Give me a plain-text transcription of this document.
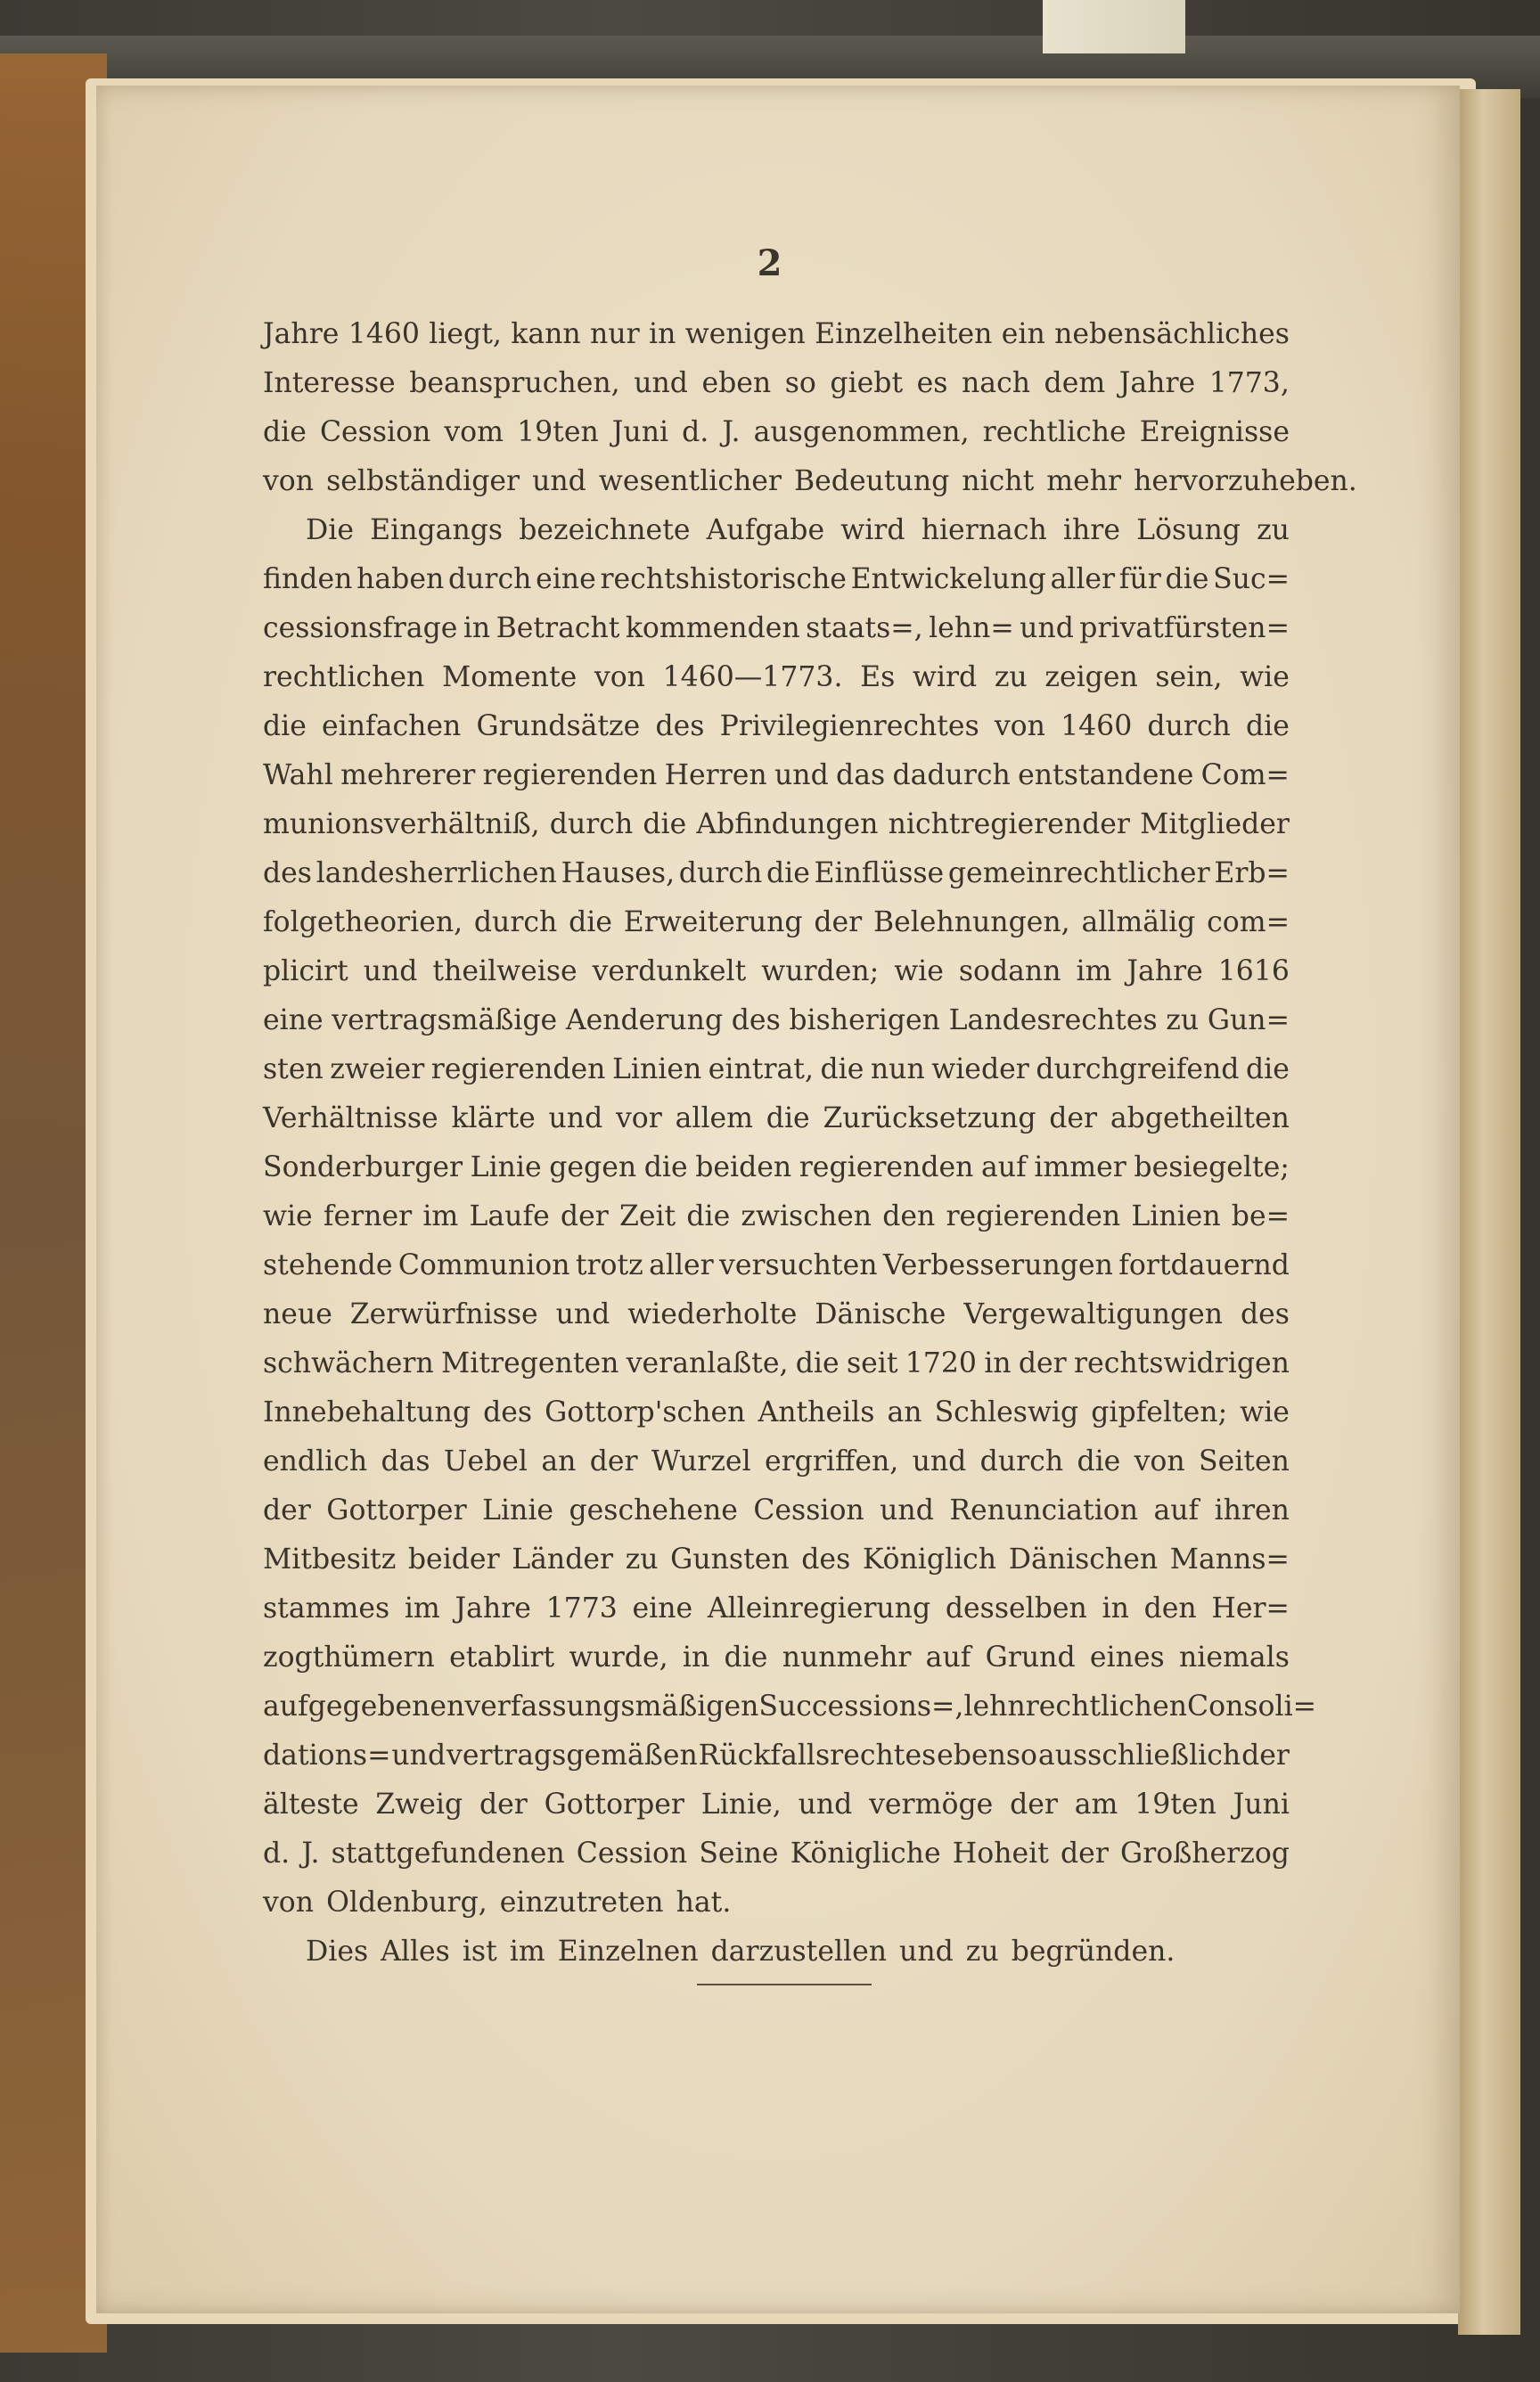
2
Jahre 1460 liegt, kann nur in wenigen Einzelheiten ein nebensächliches
Interesse beanspruchen, und eben so giebt es nach dem Jahre 1773,
die Cession vom 19ten Juni d. J. ausgenommen, rechtliche Ereignisse
von selbständiger und wesentlicher Bedeutung nicht mehr hervorzuheben.
Die Eingangs bezeichnete Aufgabe wird hiernach ihre Lösung zu
finden haben durch eine rechtshistorische Entwickelung aller für die Suc=
cessionsfrage in Betracht kommenden staats=, lehn= und privatfürsten=
rechtlichen Momente von 1460—1773. Es wird zu zeigen sein, wie
die einfachen Grundsätze des Privilegienrechtes von 1460 durch die
Wahl mehrerer regierenden Herren und das dadurch entstandene Com=
munionsverhältniß, durch die Abfindungen nichtregierender Mitglieder
des landesherrlichen Hauses, durch die Einflüsse gemeinrechtlicher Erb=
folgetheorien, durch die Erweiterung der Belehnungen, allmälig com=
plicirt und theilweise verdunkelt wurden; wie sodann im Jahre 1616
eine vertragsmäßige Aenderung des bisherigen Landesrechtes zu Gun=
sten zweier regierenden Linien eintrat, die nun wieder durchgreifend die
Verhältnisse klärte und vor allem die Zurücksetzung der abgetheilten
Sonderburger Linie gegen die beiden regierenden auf immer besiegelte;
wie ferner im Laufe der Zeit die zwischen den regierenden Linien be=
stehende Communion trotz aller versuchten Verbesserungen fortdauernd
neue Zerwürfnisse und wiederholte Dänische Vergewaltigungen des
schwächern Mitregenten veranlaßte, die seit 1720 in der rechtswidrigen
Innebehaltung des Gottorp'schen Antheils an Schleswig gipfelten; wie
endlich das Uebel an der Wurzel ergriffen, und durch die von Seiten
der Gottorper Linie geschehene Cession und Renunciation auf ihren
Mitbesitz beider Länder zu Gunsten des Königlich Dänischen Manns=
stammes im Jahre 1773 eine Alleinregierung desselben in den Her=
zogthümern etablirt wurde, in die nunmehr auf Grund eines niemals
aufgegebenen verfassungsmäßigen Successions=, lehnrechtlichen Consoli=
dations= und vertragsgemäßen Rückfallsrechtes ebenso ausschließlich der
älteste Zweig der Gottorper Linie, und vermöge der am 19ten Juni
d. J. stattgefundenen Cession Seine Königliche Hoheit der Großherzog
von Oldenburg, einzutreten hat.
Dies Alles ist im Einzelnen darzustellen und zu begründen.
